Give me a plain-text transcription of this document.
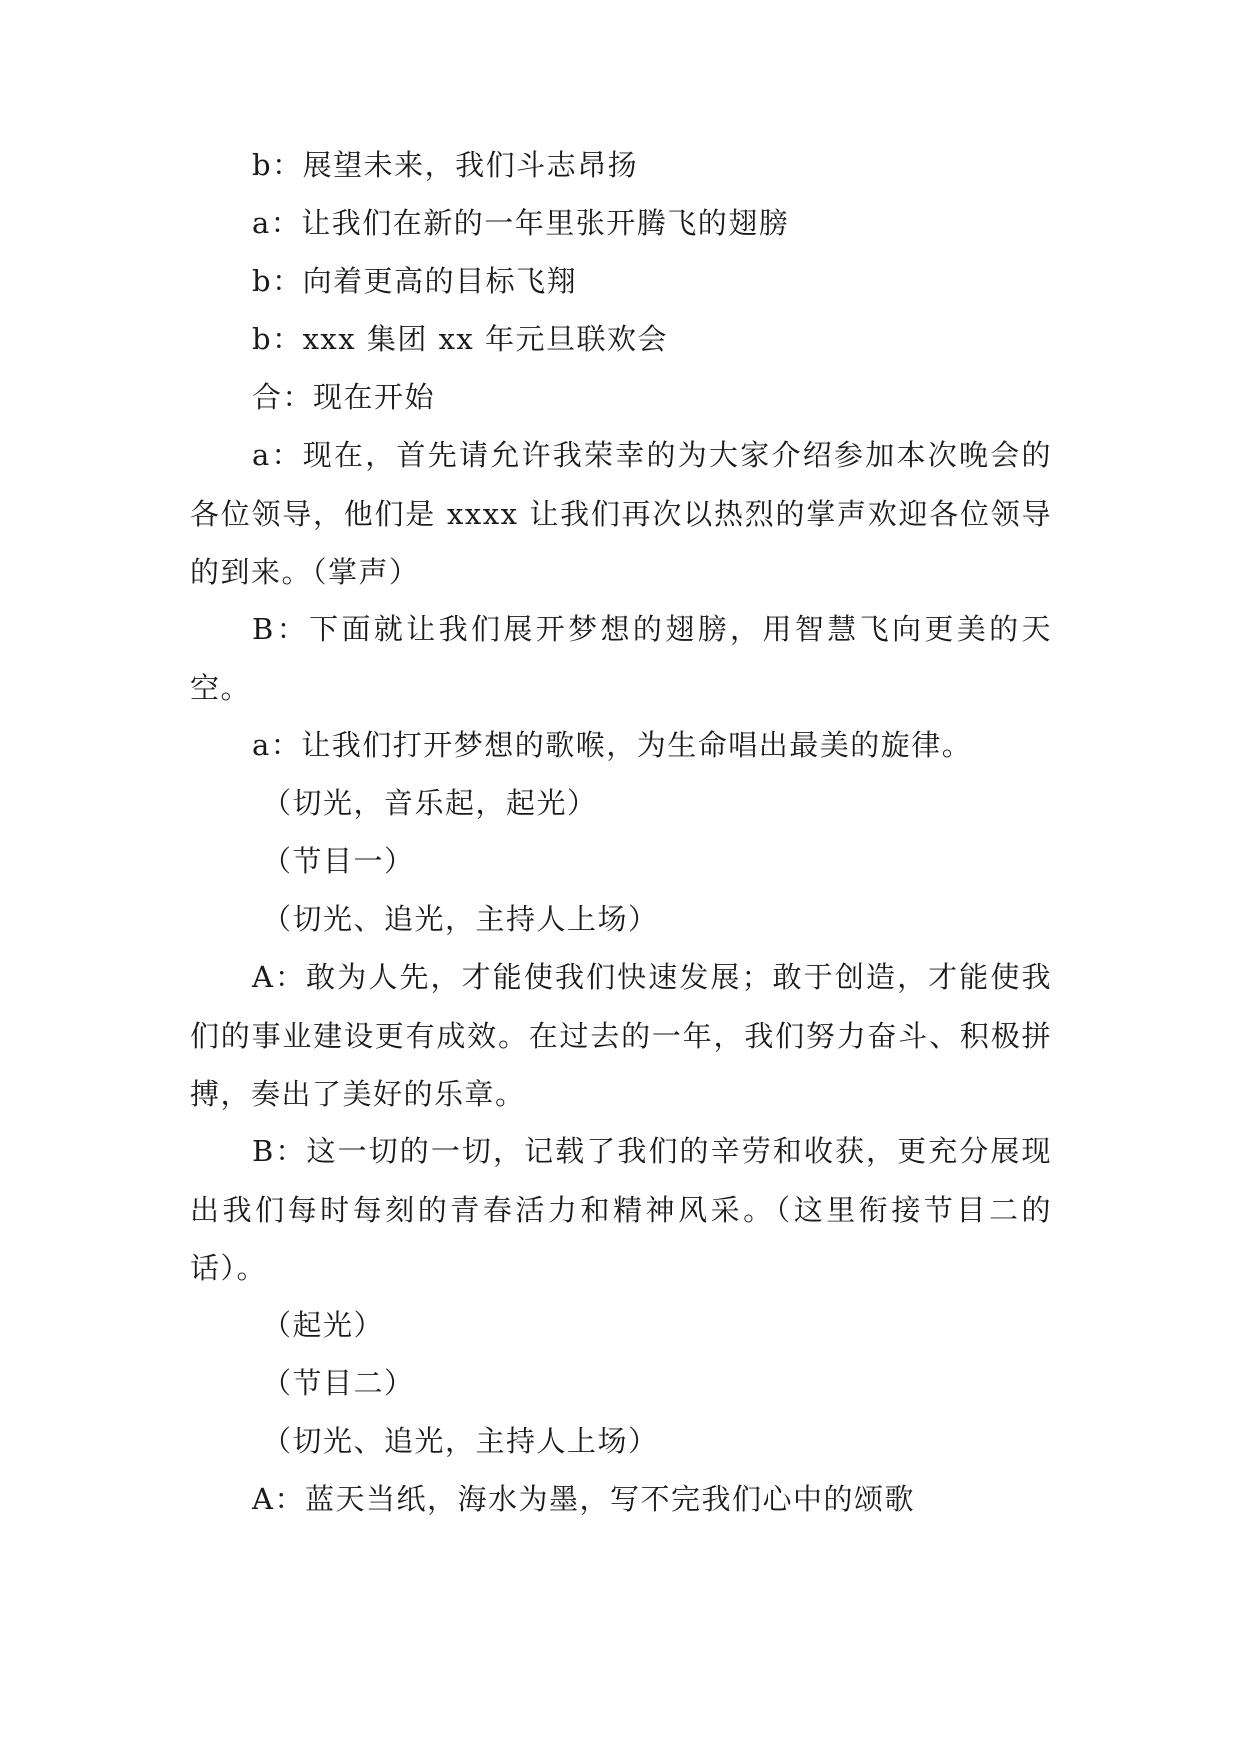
b：展望未来，我们斗志昂扬

a：让我们在新的一年里张开腾飞的翅膀

b：向着更高的目标飞翔

b：xxx 集团 xx 年元旦联欢会

合：现在开始

a：现在，首先请允许我荣幸的为大家介绍参加本次晚会的各位领导，他们是 xxxx 让我们再次以热烈的掌声欢迎各位领导的到来。（掌声）

B：下面就让我们展开梦想的翅膀，用智慧飞向更美的天空。

a：让我们打开梦想的歌喉，为生命唱出最美的旋律。

（切光，音乐起，起光）

（节目一）

（切光、追光，主持人上场）

A：敢为人先，才能使我们快速发展；敢于创造，才能使我们的事业建设更有成效。在过去的一年，我们努力奋斗、积极拼搏，奏出了美好的乐章。

B：这一切的一切，记载了我们的辛劳和收获，更充分展现出我们每时每刻的青春活力和精神风采。（这里衔接节目二的话）。

（起光）

（节目二）

（切光、追光，主持人上场）

A：蓝天当纸，海水为墨，写不完我们心中的颂歌
